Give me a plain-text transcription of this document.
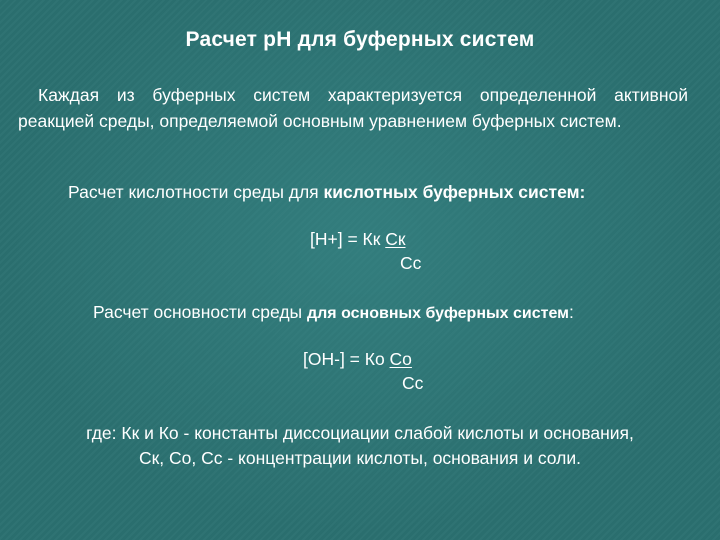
Расчет рН для буферных систем
Каждая из буферных систем характеризуется определенной активной реакцией среды, определяемой основным уравнением буферных систем.
Расчет кислотности среды для кислотных буферных систем:
[H+] = Кк Ск
Сс
Расчет основности среды для основных буферных систем:
[ОН-] = Ко Со
Сс
где: Кк и Ко - константы диссоциации слабой кислоты и основания,
Ск, Со, Сс - концентрации кислоты, основания и соли.
